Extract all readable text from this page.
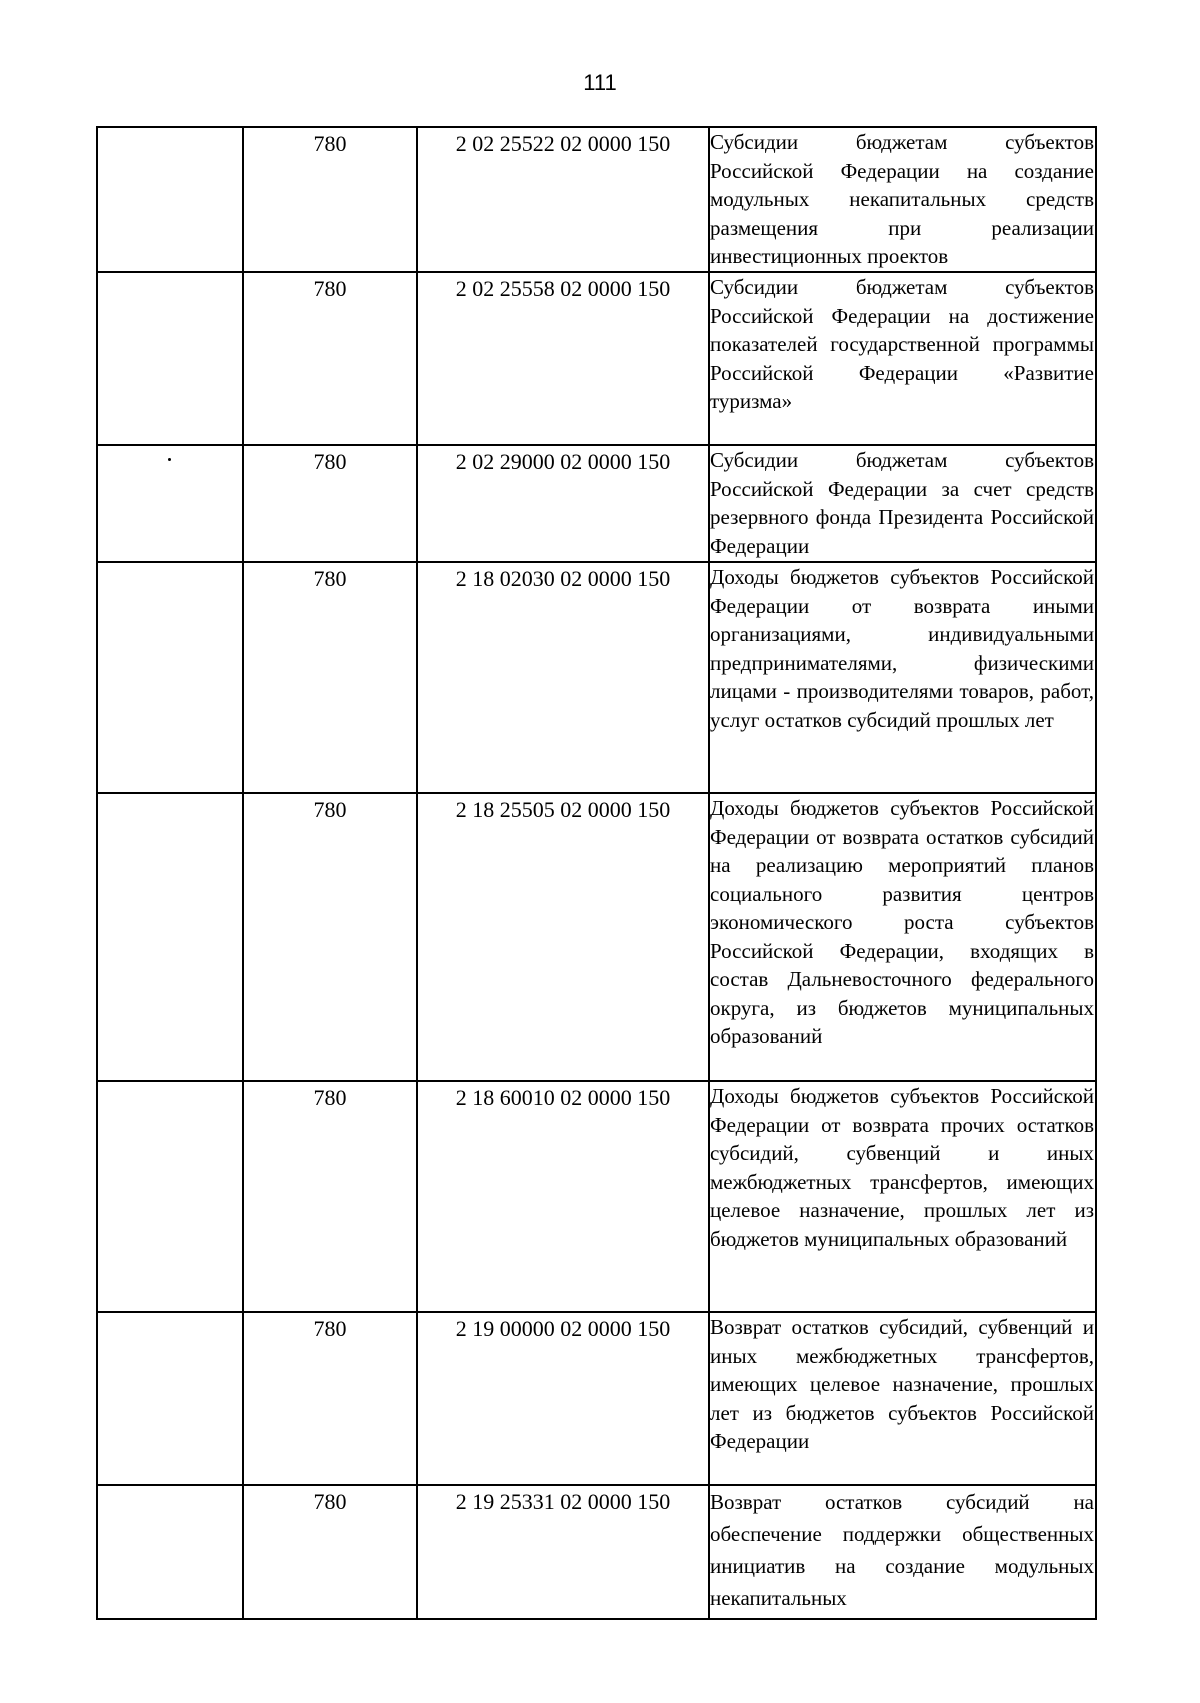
111
	780	2 02 25522 02 0000 150	Субсидии бюджетам субъектов Российской Федерации на создание модульных некапитальных средств размещения при реализации инвестиционных проектов

	780	2 02 25558 02 0000 150	Субсидии бюджетам субъектов Российской Федерации на достижение показателей государственной программы Российской Федерации «Развитие туризма»

	780	2 02 29000 02 0000 150	Субсидии бюджетам субъектов Российской Федерации за счет средств резервного фонда Президента Российской Федерации

	780	2 18 02030 02 0000 150	Доходы бюджетов субъектов Российской Федерации от возврата иными организациями, индивидуальными предпринимателями, физическими лицами - производителями товаров, работ, услуг остатков субсидий прошлых лет

	780	2 18 25505 02 0000 150	Доходы бюджетов субъектов Российской Федерации от возврата остатков субсидий на реализацию мероприятий планов социального развития центров экономического роста субъектов Российской Федерации, входящих в состав Дальневосточного федерального округа, из бюджетов муниципальных образований

	780	2 18 60010 02 0000 150	Доходы бюджетов субъектов Российской Федерации от возврата прочих остатков субсидий, субвенций и иных межбюджетных трансфертов, имеющих целевое назначение, прошлых лет из бюджетов муниципальных образований

	780	2 19 00000 02 0000 150	Возврат остатков субсидий, субвенций и иных межбюджетных трансфертов, имеющих целевое назначение, прошлых лет из бюджетов субъектов Российской Федерации

	780	2 19 25331 02 0000 150	Возврат остатков субсидий на обеспечение поддержки общественных инициатив на создание модульных некапитальных
